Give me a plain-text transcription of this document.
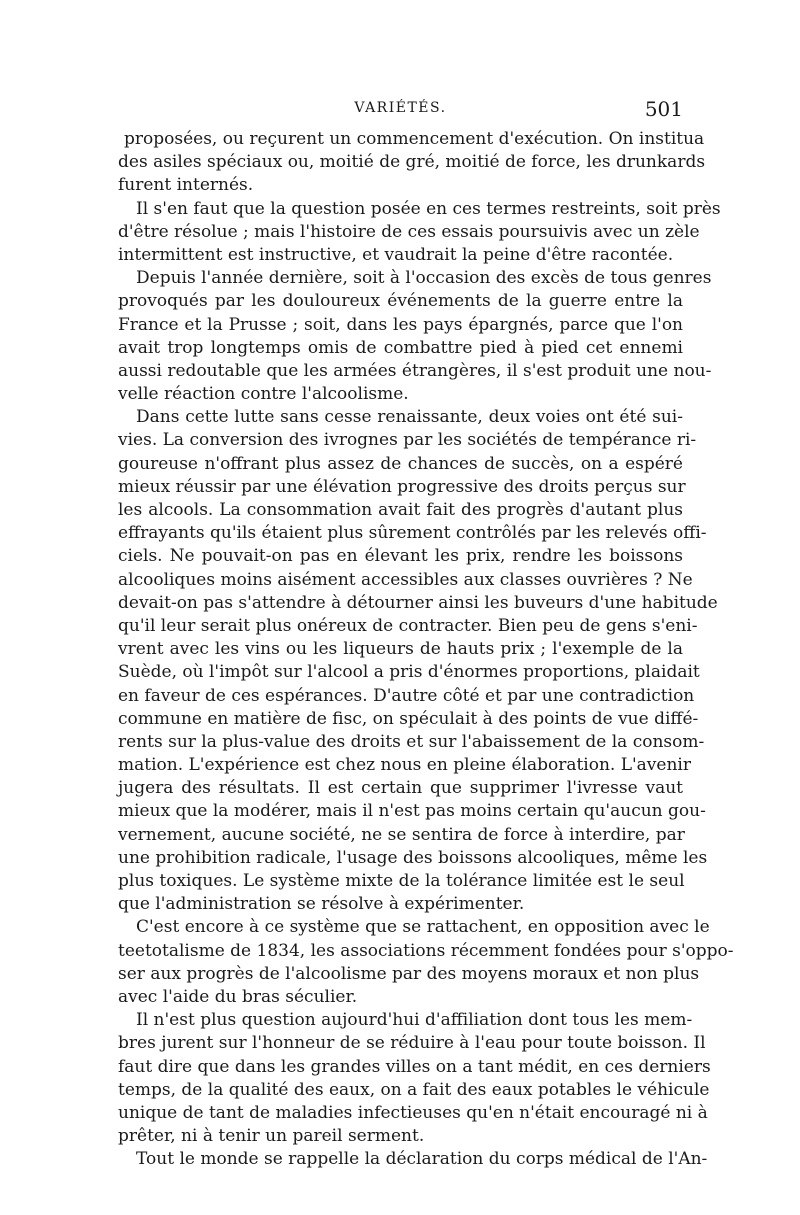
VARIÉTÉS.	501
proposées, ou reçurent un commencement d'exécution. On institua
des asiles spéciaux ou, moitié de gré, moitié de force, les drunkards
furent internés.
Il s'en faut que la question posée en ces termes restreints, soit près
d'être résolue ; mais l'histoire de ces essais poursuivis avec un zèle
intermittent est instructive, et vaudrait la peine d'être racontée.
Depuis l'année dernière, soit à l'occasion des excès de tous genres
provoqués par les douloureux événements de la guerre entre la
France et la Prusse ; soit, dans les pays épargnés, parce que l'on
avait trop longtemps omis de combattre pied à pied cet ennemi
aussi redoutable que les armées étrangères, il s'est produit une nou-
velle réaction contre l'alcoolisme.
Dans cette lutte sans cesse renaissante, deux voies ont été sui-
vies. La conversion des ivrognes par les sociétés de tempérance ri-
goureuse n'offrant plus assez de chances de succès, on a espéré
mieux réussir par une élévation progressive des droits perçus sur
les alcools. La consommation avait fait des progrès d'autant plus
effrayants qu'ils étaient plus sûrement contrôlés par les relevés offi-
ciels. Ne pouvait-on pas en élevant les prix, rendre les boissons
alcooliques moins aisément accessibles aux classes ouvrières ? Ne
devait-on pas s'attendre à détourner ainsi les buveurs d'une habitude
qu'il leur serait plus onéreux de contracter. Bien peu de gens s'eni-
vrent avec les vins ou les liqueurs de hauts prix ; l'exemple de la
Suède, où l'impôt sur l'alcool a pris d'énormes proportions, plaidait
en faveur de ces espérances. D'autre côté et par une contradiction
commune en matière de fisc, on spéculait à des points de vue diffé-
rents sur la plus-value des droits et sur l'abaissement de la consom-
mation. L'expérience est chez nous en pleine élaboration. L'avenir
jugera des résultats. Il est certain que supprimer l'ivresse vaut
mieux que la modérer, mais il n'est pas moins certain qu'aucun gou-
vernement, aucune société, ne se sentira de force à interdire, par
une prohibition radicale, l'usage des boissons alcooliques, même les
plus toxiques. Le système mixte de la tolérance limitée est le seul
que l'administration se résolve à expérimenter.
C'est encore à ce système que se rattachent, en opposition avec le
teetotalisme de 1834, les associations récemment fondées pour s'oppo-
ser aux progrès de l'alcoolisme par des moyens moraux et non plus
avec l'aide du bras séculier.
Il n'est plus question aujourd'hui d'affiliation dont tous les mem-
bres jurent sur l'honneur de se réduire à l'eau pour toute boisson. Il
faut dire que dans les grandes villes on a tant médit, en ces derniers
temps, de la qualité des eaux, on a fait des eaux potables le véhicule
unique de tant de maladies infectieuses qu'en n'était encouragé ni à
prêter, ni à tenir un pareil serment.
Tout le monde se rappelle la déclaration du corps médical de l'An-
